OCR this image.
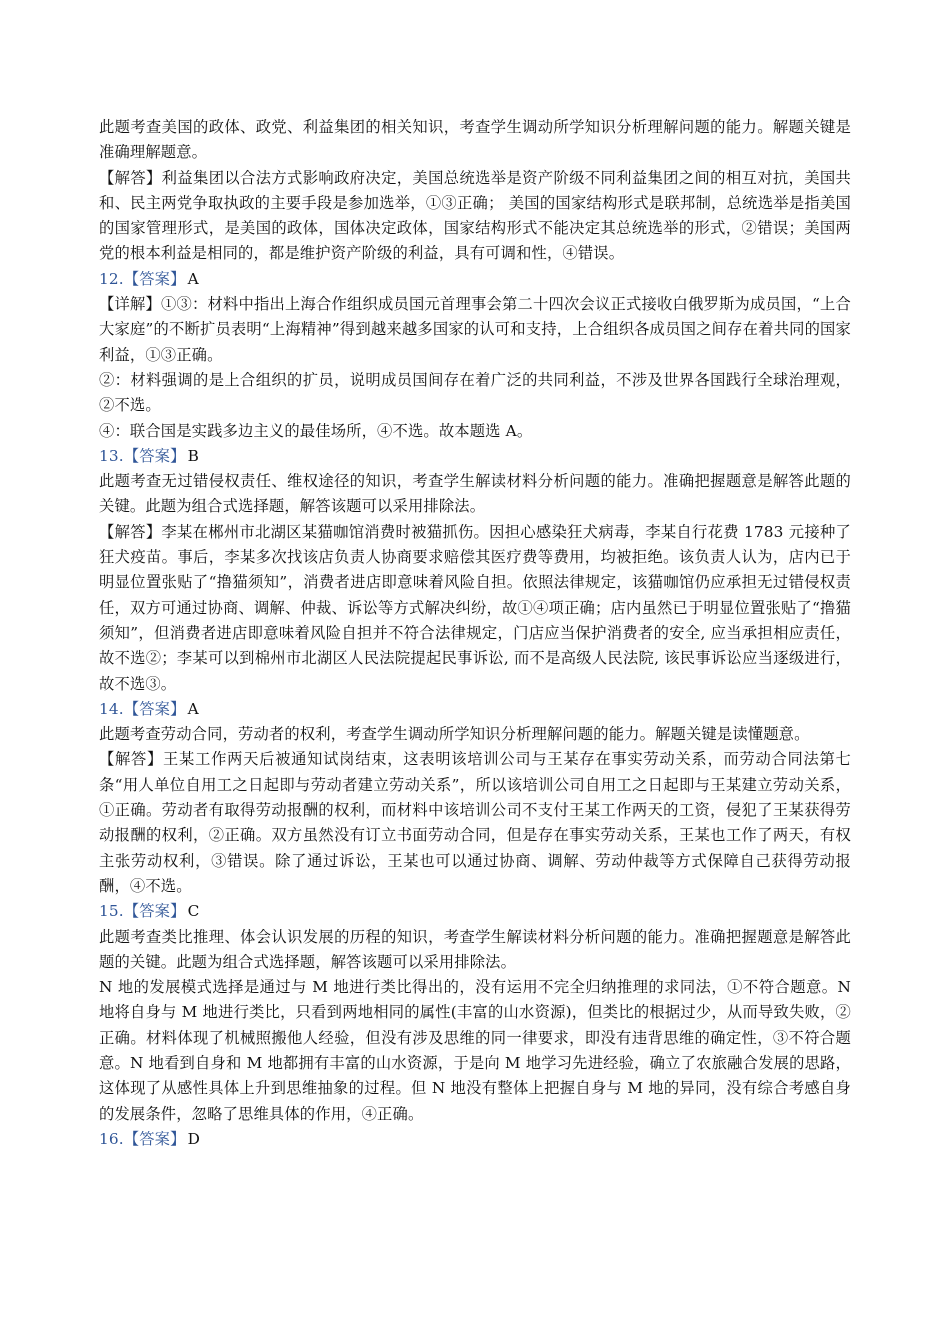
此题考查美国的政体、政党、利益集团的相关知识，考查学生调动所学知识分析理解问题的能力。解题关键是准确理解题意。

【解答】利益集团以合法方式影响政府决定，美国总统选举是资产阶级不同利益集团之间的相互对抗，美国共和、民主两党争取执政的主要手段是参加选举，①③正确； 美国的国家结构形式是联邦制，总统选举是指美国的国家管理形式，是美国的政体，国体决定政体，国家结构形式不能决定其总统选举的形式，②错误；美国两党的根本利益是相同的，都是维护资产阶级的利益，具有可调和性，④错误。

12.【答案】 A

【详解】①③：材料中指出上海合作组织成员国元首理事会第二十四次会议正式接收白俄罗斯为成员国，“上合大家庭”的不断扩员表明“上海精神”得到越来越多国家的认可和支持，上合组织各成员国之间存在着共同的国家利益，①③正确。

②：材料强调的是上合组织的扩员，说明成员国间存在着广泛的共同利益，不涉及世界各国践行全球治理观，②不选。

④：联合国是实践多边主义的最佳场所，④不选。故本题选 A。

13.【答案】 B

此题考查无过错侵权责任、维权途径的知识，考查学生解读材料分析问题的能力。准确把握题意是解答此题的关键。此题为组合式选择题，解答该题可以采用排除法。

【解答】李某在郴州市北湖区某猫咖馆消费时被猫抓伤。因担心感染狂犬病毒，李某自行花费 1783 元接种了狂犬疫苗。事后，李某多次找该店负责人协商要求赔偿其医疗费等费用，均被拒绝。该负责人认为，店内已于明显位置张贴了“撸猫须知”，消费者进店即意味着风险自担。依照法律规定，该猫咖馆仍应承担无过错侵权责任，双方可通过协商、调解、仲裁、诉讼等方式解决纠纷，故①④项正确；店内虽然已于明显位置张贴了“撸猫须知”，但消费者进店即意味着风险自担并不符合法律规定，门店应当保护消费者的安全, 应当承担相应责任，故不选②；李某可以到棉州市北湖区人民法院提起民事诉讼, 而不是高级人民法院, 该民事诉讼应当逐级进行，故不选③。

14.【答案】 A

此题考查劳动合同，劳动者的权利，考查学生调动所学知识分析理解问题的能力。解题关键是读懂题意。

【解答】王某工作两天后被通知试岗结束，这表明该培训公司与王某存在事实劳动关系，而劳动合同法第七条“用人单位自用工之日起即与劳动者建立劳动关系”，所以该培训公司自用工之日起即与王某建立劳动关系，①正确。劳动者有取得劳动报酬的权利，而材料中该培训公司不支付王某工作两天的工资，侵犯了王某获得劳动报酬的权利，②正确。双方虽然没有订立书面劳动合同，但是存在事实劳动关系，王某也工作了两天，有权主张劳动权利，③错误。除了通过诉讼，王某也可以通过协商、调解、劳动仲裁等方式保障自己获得劳动报酬，④不选。

15.【答案】 C

此题考查类比推理、体会认识发展的历程的知识，考查学生解读材料分析问题的能力。准确把握题意是解答此题的关键。此题为组合式选择题，解答该题可以采用排除法。

N 地的发展模式选择是通过与 M 地进行类比得出的，没有运用不完全归纳推理的求同法，①不符合题意。N 地将自身与 M 地进行类比，只看到两地相同的属性(丰富的山水资源)，但类比的根据过少，从而导致失败，②正确。材料体现了机械照搬他人经验，但没有涉及思维的同一律要求，即没有违背思维的确定性，③不符合题意。N 地看到自身和 M 地都拥有丰富的山水资源，于是向 M 地学习先进经验，确立了农旅融合发展的思路，这体现了从感性具体上升到思维抽象的过程。但 N 地没有整体上把握自身与 M 地的异同，没有综合考感自身的发展条件，忽略了思维具体的作用，④正确。

16.【答案】 D
